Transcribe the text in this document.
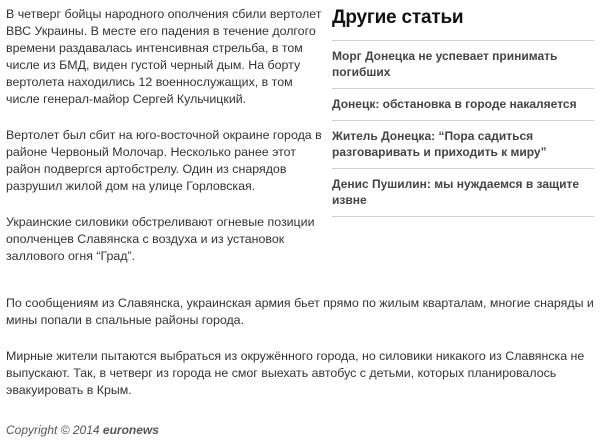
В четверг бойцы народного ополчения сбили вертолет ВВС Украины. В месте его падения в течение долгого времени раздавалась интенсивная стрельба, в том числе из БМД, виден густой черный дым. На борту вертолета находились 12 военнослужащих, в том числе генерал-майор Сергей Кульчицкий.

Вертолет был сбит на юго-восточной окраине города в районе Червоный Молочар. Несколько ранее этот район подвергся артобстрелу. Один из снарядов разрушил жилой дом на улице Горловская.

Украинские силовики обстреливают огневые позиции ополченцев Славянска с воздуха и из установок заллового огня “Град”.

Другие статьи
Морг Донецка не успевает принимать погибших
Донецк: обстановка в городе накаляется
Житель Донецка: “Пора садиться разговаривать и приходить к миру”
Денис Пушилин: мы нуждаемся в защите извне

По сообщениям из Славянска, украинская армия бьет прямо по жилым кварталам, многие снаряды и мины попали в спальные районы города.

Мирные жители пытаются выбраться из окружённого города, но силовики никакого из Славянска не выпускают. Так, в четверг из города не смог выехать автобус с детьми, которых планировалось эвакуировать в Крым.

Copyright © 2014 euronews
